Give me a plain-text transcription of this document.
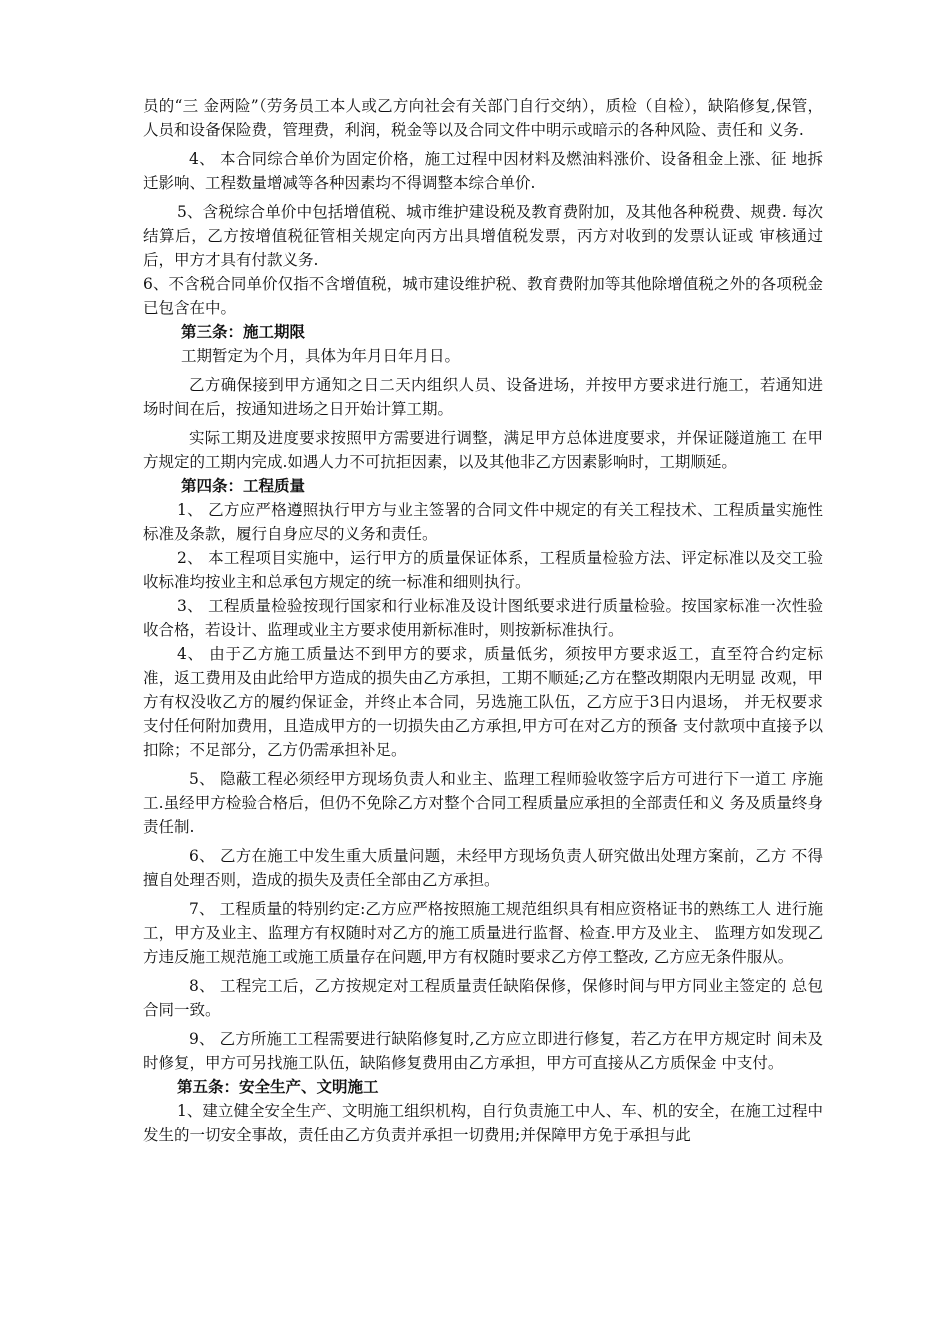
员的“三 金两险”（劳务员工本人或乙方向社会有关部门自行交纳），质检（自检），缺陷修复,保管， 人员和设备保险费，管理费，利润，税金等以及合同文件中明示或暗示的各种风险、责任和 义务.

4、 本合同综合单价为固定价格，施工过程中因材料及燃油料涨价、设备租金上涨、征 地拆迁影响、工程数量增减等各种因素均不得调整本综合单价.

5、含税综合单价中包括增值税、城市维护建设税及教育费附加，及其他各种税费、规费. 每次结算后，乙方按增值税征管相关规定向丙方出具增值税发票，丙方对收到的发票认证或 审核通过后，甲方才具有付款义务.

6、不含税合同单价仅指不含增值税，城市建设维护税、教育费附加等其他除增值税之外的各项税金已包含在中。

第三条：施工期限

工期暂定为个月，具体为年月日年月日。

乙方确保接到甲方通知之日二天内组织人员、设备进场，并按甲方要求进行施工，若通知进场时间在后，按通知进场之日开始计算工期。

实际工期及进度要求按照甲方需要进行调整，满足甲方总体进度要求，并保证隧道施工 在甲方规定的工期内完成.如遇人力不可抗拒因素，以及其他非乙方因素影响时，工期顺延。

第四条：工程质量

1、 乙方应严格遵照执行甲方与业主签署的合同文件中规定的有关工程技术、工程质量实施性标准及条款，履行自身应尽的义务和责任。

2、 本工程项目实施中，运行甲方的质量保证体系，工程质量检验方法、评定标准以及交工验收标准均按业主和总承包方规定的统一标准和细则执行。

3、 工程质量检验按现行国家和行业标准及设计图纸要求进行质量检验。按国家标准一次性验收合格，若设计、监理或业主方要求使用新标准时，则按新标准执行。

4、 由于乙方施工质量达不到甲方的要求，质量低劣，须按甲方要求返工，直至符合约定标 准，返工费用及由此给甲方造成的损失由乙方承担，工期不顺延;乙方在整改期限内无明显 改观，甲方有权没收乙方的履约保证金，并终止本合同，另选施工队伍，乙方应于3日内退场， 并无权要求支付任何附加费用，且造成甲方的一切损失由乙方承担,甲方可在对乙方的预备 支付款项中直接予以扣除；不足部分，乙方仍需承担补足。

5、 隐蔽工程必须经甲方现场负责人和业主、监理工程师验收签字后方可进行下一道工 序施工.虽经甲方检验合格后，但仍不免除乙方对整个合同工程质量应承担的全部责任和义 务及质量终身责任制.

6、 乙方在施工中发生重大质量问题，未经甲方现场负责人研究做出处理方案前，乙方 不得擅自处理否则，造成的损失及责任全部由乙方承担。

7、 工程质量的特别约定:乙方应严格按照施工规范组织具有相应资格证书的熟练工人 进行施工，甲方及业主、监理方有权随时对乙方的施工质量进行监督、检查.甲方及业主、 监理方如发现乙方违反施工规范施工或施工质量存在问题,甲方有权随时要求乙方停工整改, 乙方应无条件服从。

8、 工程完工后，乙方按规定对工程质量责任缺陷保修，保修时间与甲方同业主签定的 总包合同一致。

9、 乙方所施工工程需要进行缺陷修复时,乙方应立即进行修复，若乙方在甲方规定时 间未及时修复，甲方可另找施工队伍，缺陷修复费用由乙方承担，甲方可直接从乙方质保金 中支付。

第五条：安全生产、文明施工

1、建立健全安全生产、文明施工组织机构，自行负责施工中人、车、机的安全，在施工过程中发生的一切安全事故，责任由乙方负责并承担一切费用;并保障甲方免于承担与此
